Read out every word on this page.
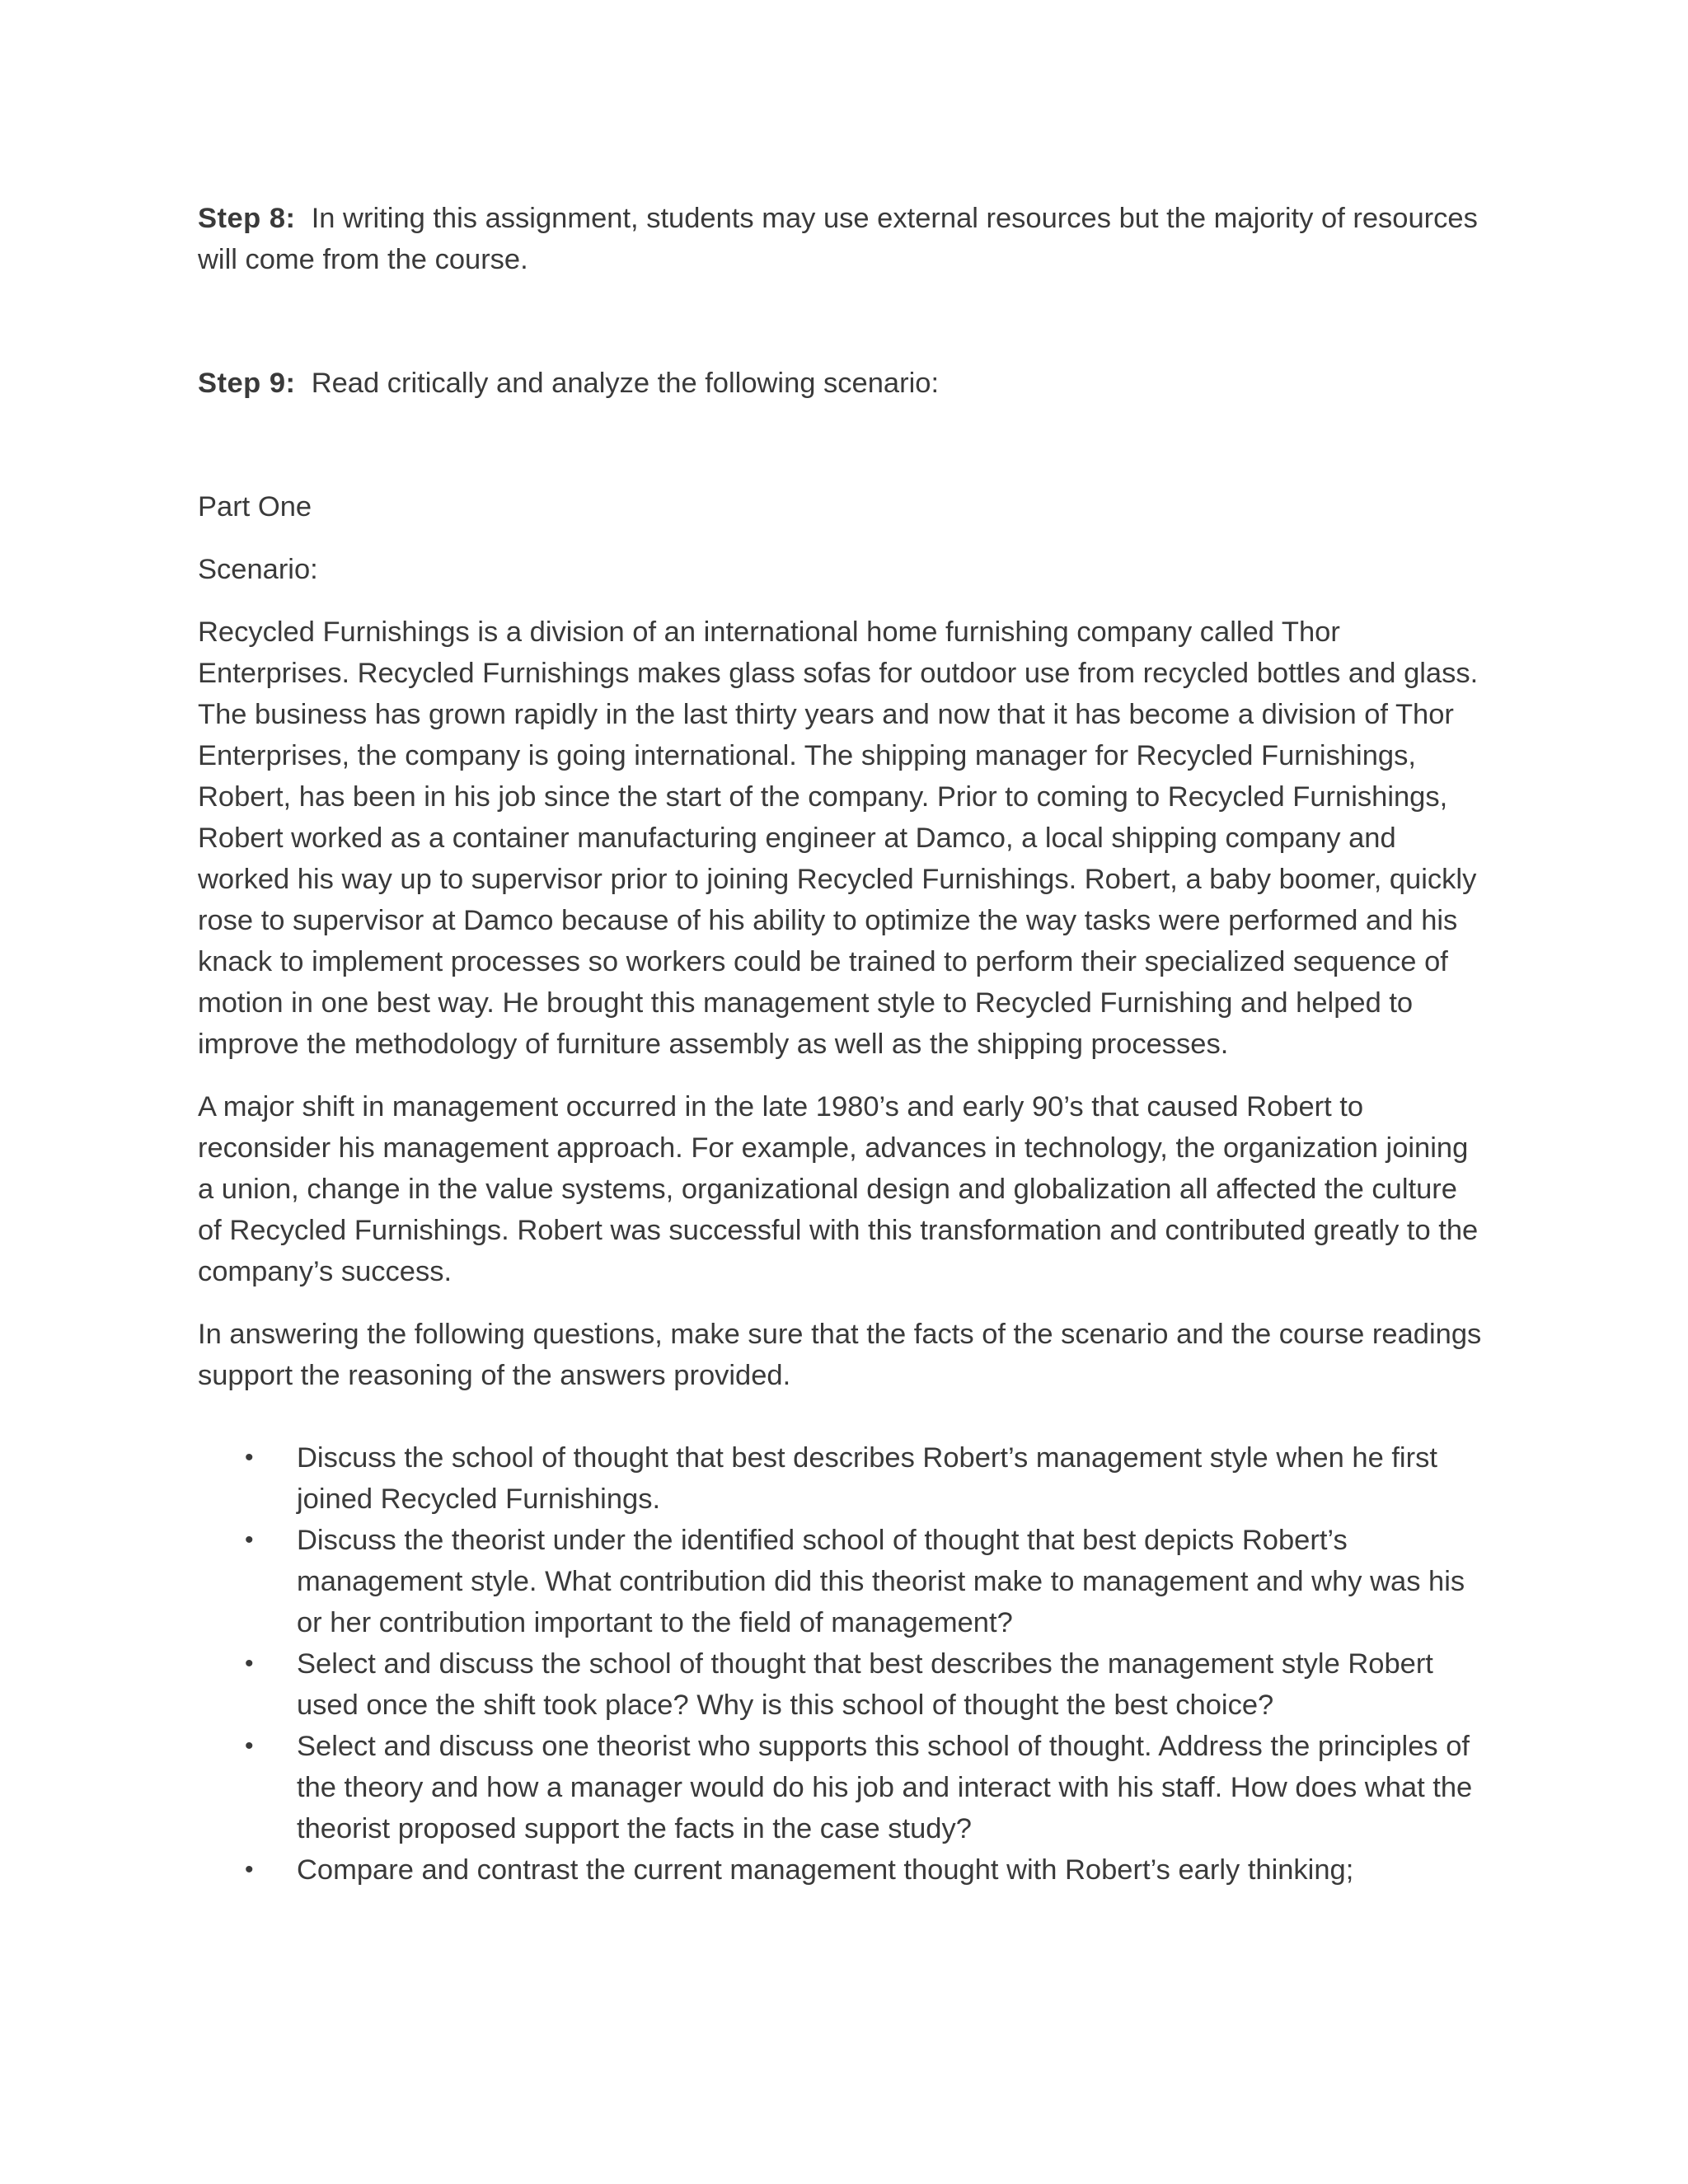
Step 8: In writing this assignment, students may use external resources but the majority of resources will come from the course.

Step 9: Read critically and analyze the following scenario:

Part One

Scenario:

Recycled Furnishings is a division of an international home furnishing company called Thor Enterprises. Recycled Furnishings makes glass sofas for outdoor use from recycled bottles and glass. The business has grown rapidly in the last thirty years and now that it has become a division of Thor Enterprises, the company is going international. The shipping manager for Recycled Furnishings, Robert, has been in his job since the start of the company. Prior to coming to Recycled Furnishings, Robert worked as a container manufacturing engineer at Damco, a local shipping company and worked his way up to supervisor prior to joining Recycled Furnishings. Robert, a baby boomer, quickly rose to supervisor at Damco because of his ability to optimize the way tasks were performed and his knack to implement processes so workers could be trained to perform their specialized sequence of motion in one best way. He brought this management style to Recycled Furnishing and helped to improve the methodology of furniture assembly as well as the shipping processes.

A major shift in management occurred in the late 1980’s and early 90’s that caused Robert to reconsider his management approach. For example, advances in technology, the organization joining a union, change in the value systems, organizational design and globalization all affected the culture of Recycled Furnishings. Robert was successful with this transformation and contributed greatly to the company’s success.

In answering the following questions, make sure that the facts of the scenario and the course readings support the reasoning of the answers provided.

• Discuss the school of thought that best describes Robert’s management style when he first joined Recycled Furnishings.
• Discuss the theorist under the identified school of thought that best depicts Robert’s management style. What contribution did this theorist make to management and why was his or her contribution important to the field of management?
• Select and discuss the school of thought that best describes the management style Robert used once the shift took place? Why is this school of thought the best choice?
• Select and discuss one theorist who supports this school of thought. Address the principles of the theory and how a manager would do his job and interact with his staff. How does what the theorist proposed support the facts in the case study?
• Compare and contrast the current management thought with Robert’s early thinking;
